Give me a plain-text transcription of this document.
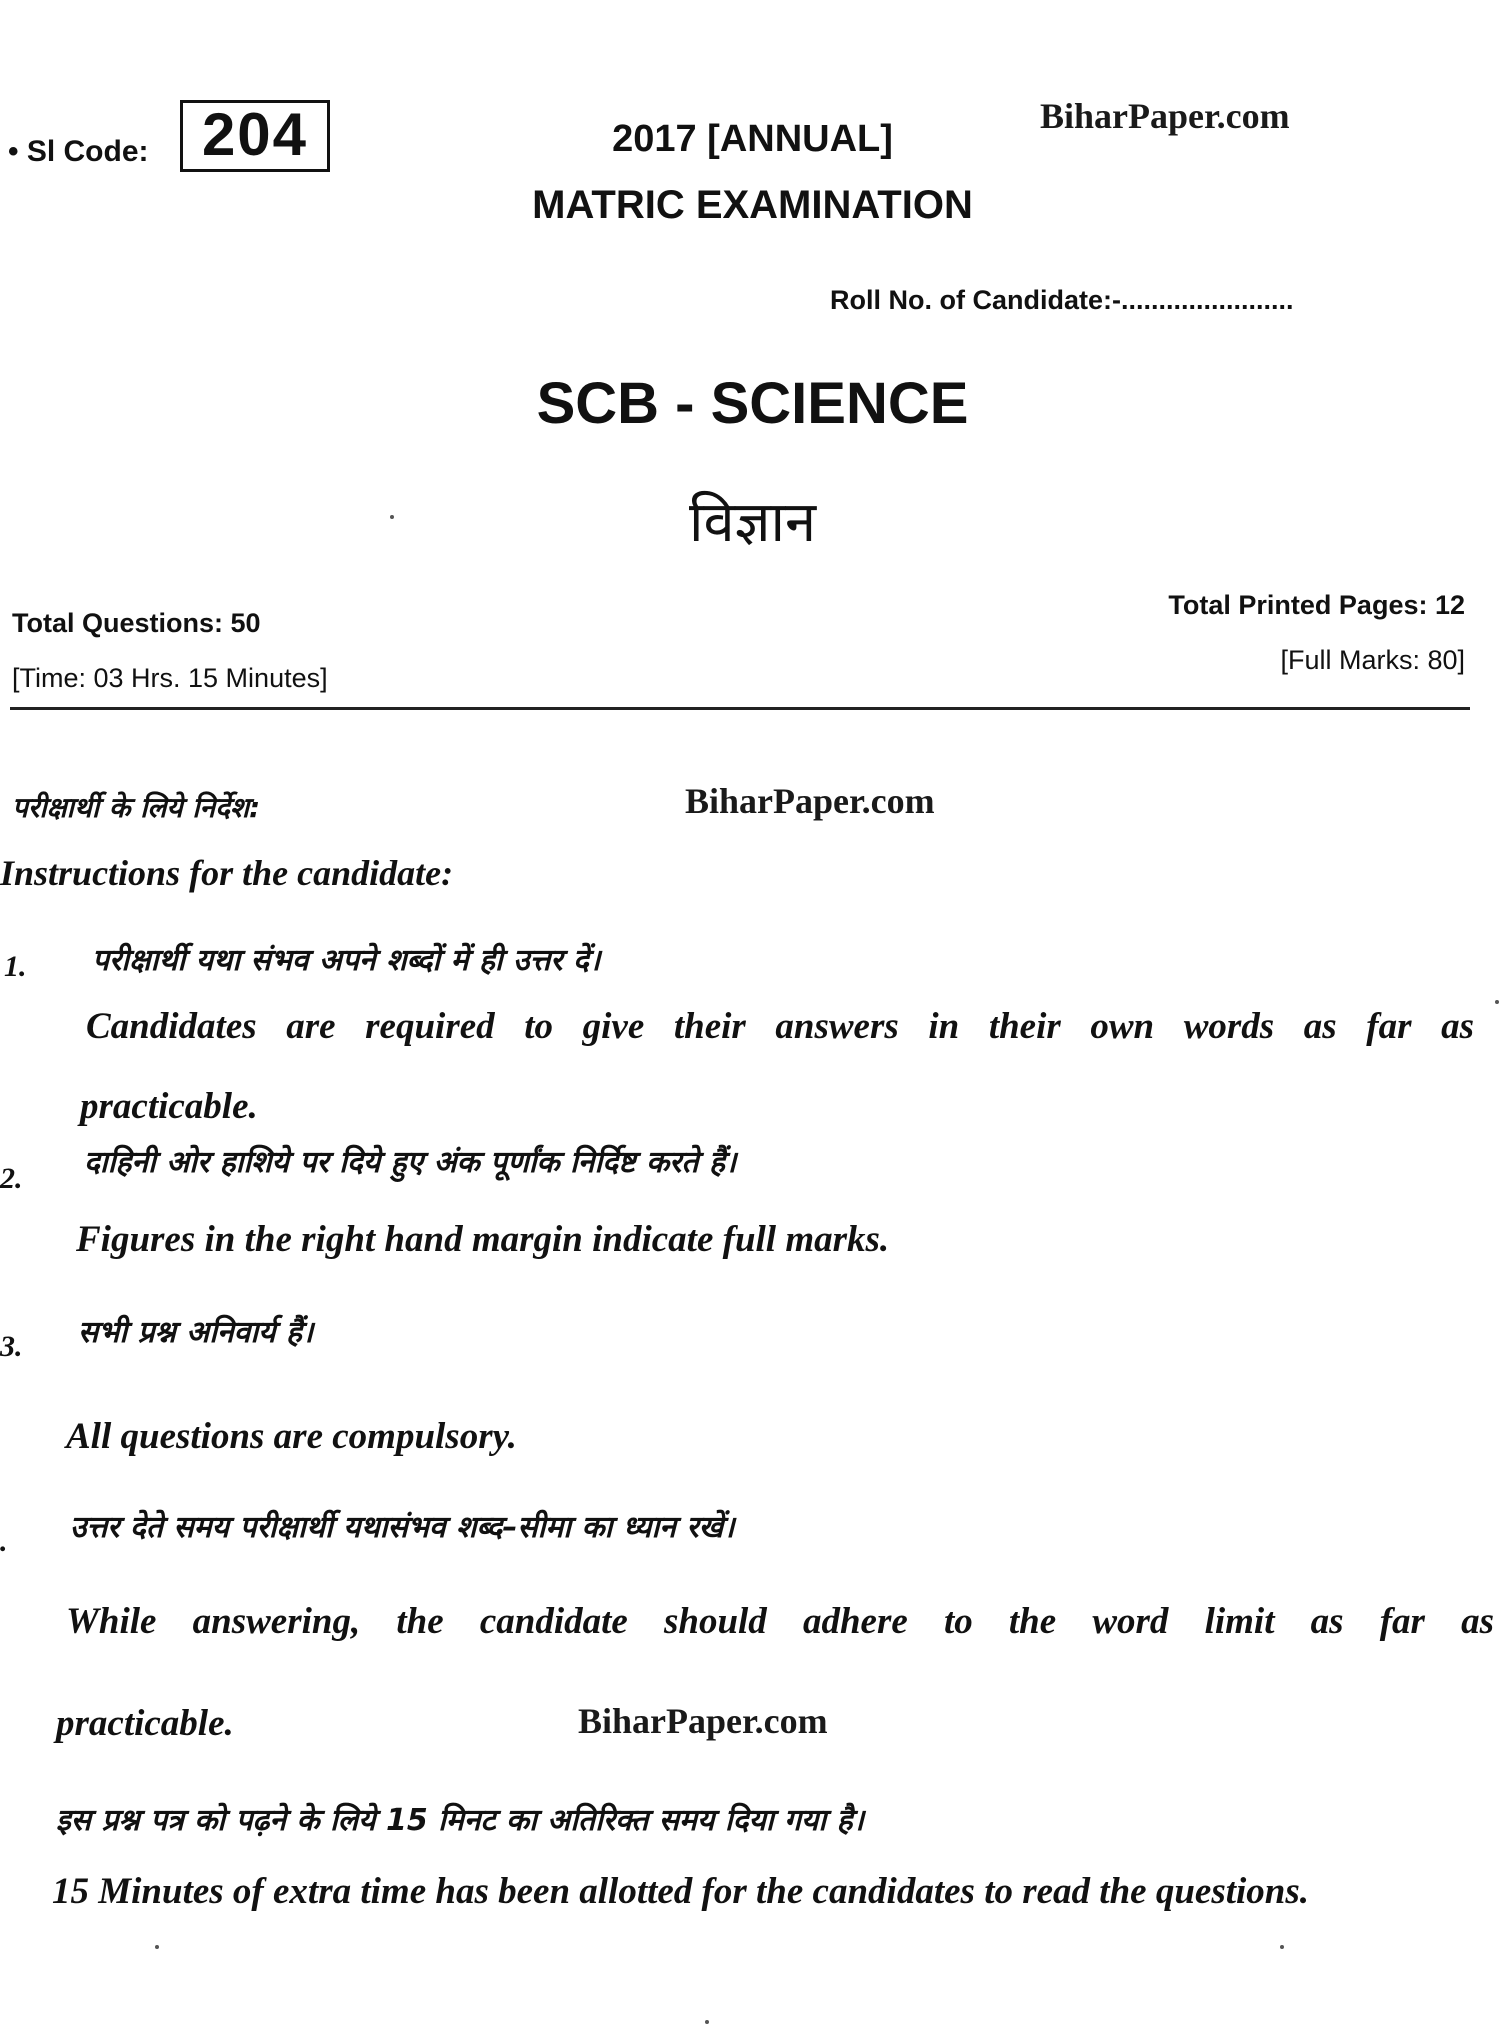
• Sl Code: 204	2017 [ANNUAL]
MATRIC EXAMINATION
BiharPaper.com
Roll No. of Candidate:-.......................
SCB - SCIENCE
विज्ञान
Total Questions: 50
[Time: 03 Hrs. 15 Minutes]
Total Printed Pages: 12
[Full Marks: 80]
परीक्षार्थी के लिये निर्देश:	BiharPaper.com
Instructions for the candidate:
1. परीक्षार्थी यथा संभव अपने शब्दों में ही उत्तर दें।
Candidates are required to give their answers in their own words as far as
practicable.
2. दाहिनी ओर हाशिये पर दिये हुए अंक पूर्णांक निर्दिष्ट करते हैं।
Figures in the right hand margin indicate full marks.
3. सभी प्रश्न अनिवार्य हैं।
All questions are compulsory.
. उत्तर देते समय परीक्षार्थी यथासंभव शब्द–सीमा का ध्यान रखें।
While answering, the candidate should adhere to the word limit as far as
practicable.	BiharPaper.com
इस प्रश्न पत्र को पढ़ने के लिये 15 मिनट का अतिरिक्त समय दिया गया है।
15 Minutes of extra time has been allotted for the candidates to read the questions.
